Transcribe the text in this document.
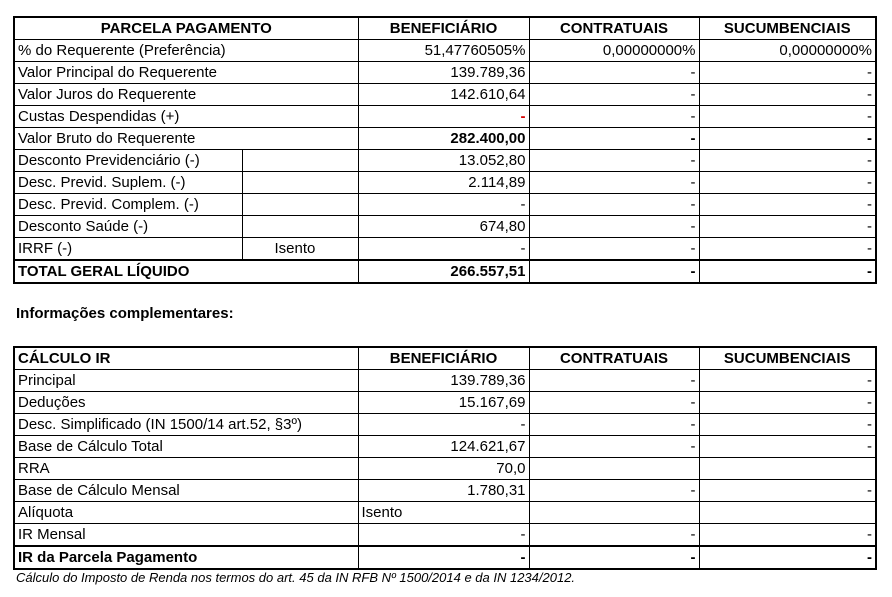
PARCELA PAGAMENTO		BENEFICIÁRIO	CONTRATUAIS	SUCUMBENCIAIS
% do Requerente (Preferência)		51,47760505%	0,00000000%	0,00000000%
Valor Principal do Requerente		139.789,36	-	-
Valor Juros do Requerente		142.610,64	-	-
Custas Despendidas (+)		-	-	-
Valor Bruto do Requerente		282.400,00	-	-
Desconto Previdenciário (-)		13.052,80	-	-
Desc. Previd. Suplem. (-)		2.114,89	-	-
Desc. Previd. Complem. (-)		-	-	-
Desconto Saúde (-)		674,80	-	-
IRRF (-)	Isento	-	-	-
TOTAL GERAL LÍQUIDO		266.557,51	-	-
Informações complementares:
CÁLCULO IR	BENEFICIÁRIO	CONTRATUAIS	SUCUMBENCIAIS
Principal	139.789,36	-	-
Deduções	15.167,69	-	-
Desc. Simplificado (IN 1500/14 art.52, §3º)	-	-	-
Base de Cálculo Total	124.621,67	-	-
RRA	70,0		
Base de Cálculo Mensal	1.780,31	-	-
Alíquota	Isento		
IR Mensal	-	-	-
IR da Parcela Pagamento	-	-	-
Cálculo do Imposto de Renda nos termos do art. 45 da IN RFB Nº 1500/2014 e da IN 1234/2012.
